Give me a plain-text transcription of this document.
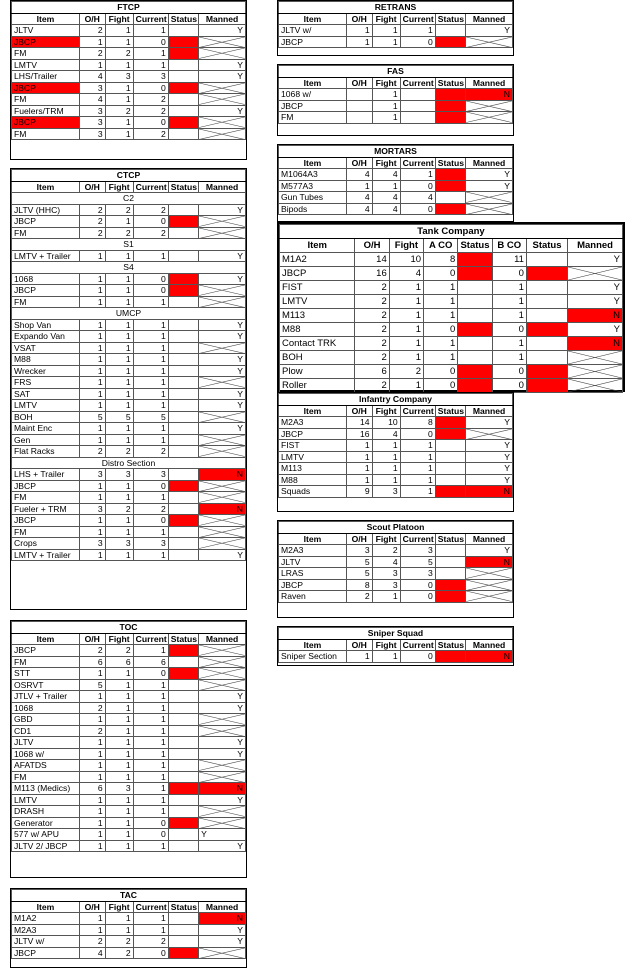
FTCP					
Item	O/H	Fight	Current	Status	Manned
JLTV	2	1	1		Y
JBCP	1	1	0		

FM	2	2	1		

LMTV	1	1	1		Y
LHS/Trailer	4	3	3		Y
JBCP	3	1	0		

FM	4	1	2		

Fuelers/TRM	3	2	2		Y
JBCP	3	1	0		

FM	3	1	2		
CTCP					
Item	O/H	Fight	Current	Status	Manned
C2					
JLTV (HHC)	2	2	2		Y
JBCP	2	1	0		

FM	2	2	2		

S1					
LMTV + Trailer	1	1	1		Y
S4					
1068	1	1	0		Y
JBCP	1	1	0		

FM	1	1	1		

UMCP					
Shop Van	1	1	1		Y
Expando Van	1	1	1		Y
VSAT	1	1	1		

M88	1	1	1		Y
Wrecker	1	1	1		Y
FRS	1	1	1		

SAT	1	1	1		Y
LMTV	1	1	1		Y
BOH	5	5	5		

Maint Enc	1	1	1		Y
Gen	1	1	1		

Flat Racks	2	2	2		

Distro Section					
LHS + Trailer	3	3	3		N
JBCP	1	1	0		

FM	1	1	1		

Fueler + TRM	3	2	2		N
JBCP	1	1	0		

FM	1	1	1		

Crops	3	3	3		

LMTV + Trailer	1	1	1		Y
TOC					
Item	O/H	Fight	Current	Status	Manned
JBCP	2	2	1		

FM	6	6	6		

STT	1	1	0		

OSRVT	5	1	1		

JTLV + Trailer	1	1	1		Y
1068	2	1	1		Y
GBD	1	1	1		

CD1	2	1	1		

JLTV	1	1	1		Y
1068 w/	1	1	1		Y
AFATDS	1	1	1		

FM	1	1	1		

M113 (Medics)	6	3	1		N
LMTV	1	1	1		Y
DRASH	1	1	1		

Generator	1	1	0		

577 w/ APU	1	1	0		Y
JLTV 2/ JBCP	1	1	1		Y
TAC					
Item	O/H	Fight	Current	Status	Manned
M1A2	1	1	1		N
M2A3	1	1	1		Y
JLTV w/	2	2	2		Y
JBCP	4	2	0		
RETRANS					
Item	O/H	Fight	Current	Status	Manned
JLTV w/	1	1	1		Y
JBCP	1	1	0		
FAS					
Item	O/H	Fight	Current	Status	Manned
1068 w/		1			N
JBCP		1			

FM		1			
MORTARS					
Item	O/H	Fight	Current	Status	Manned
M1064A3	4	4	1		Y
M577A3	1	1	0		Y
Gun Tubes	4	4	4		

Bipods	4	4	0		
Tank Company							
Item	O/H	Fight	A CO	Status	B CO	Status	Manned
M1A2	14	10	8		11		Y
JBCP	16	4	0		0		

FIST	2	1	1		1		Y
LMTV	2	1	1		1		Y
M113	2	1	1		1		N
M88	2	1	0		0		Y
Contact TRK	2	1	1		1		N
BOH	2	1	1		1		

Plow	6	2	0		0		

Roller	2	1	0		0		
Infantry Company					
Item	O/H	Fight	Current	Status	Manned
M2A3	14	10	8		Y
JBCP	16	4	0		

FIST	1	1	1		Y
LMTV	1	1	1		Y
M113	1	1	1		Y
M88	1	1	1		Y
Squads	9	3	1		N
Scout Platoon					
Item	O/H	Fight	Current	Status	Manned
M2A3	3	2	3		Y
JLTV	5	4	5		N
LRAS	5	3	3		

JBCP	8	3	0		

Raven	2	1	0		
Sniper Squad					
Item	O/H	Fight	Current	Status	Manned
Sniper Section	1	1	0		N
